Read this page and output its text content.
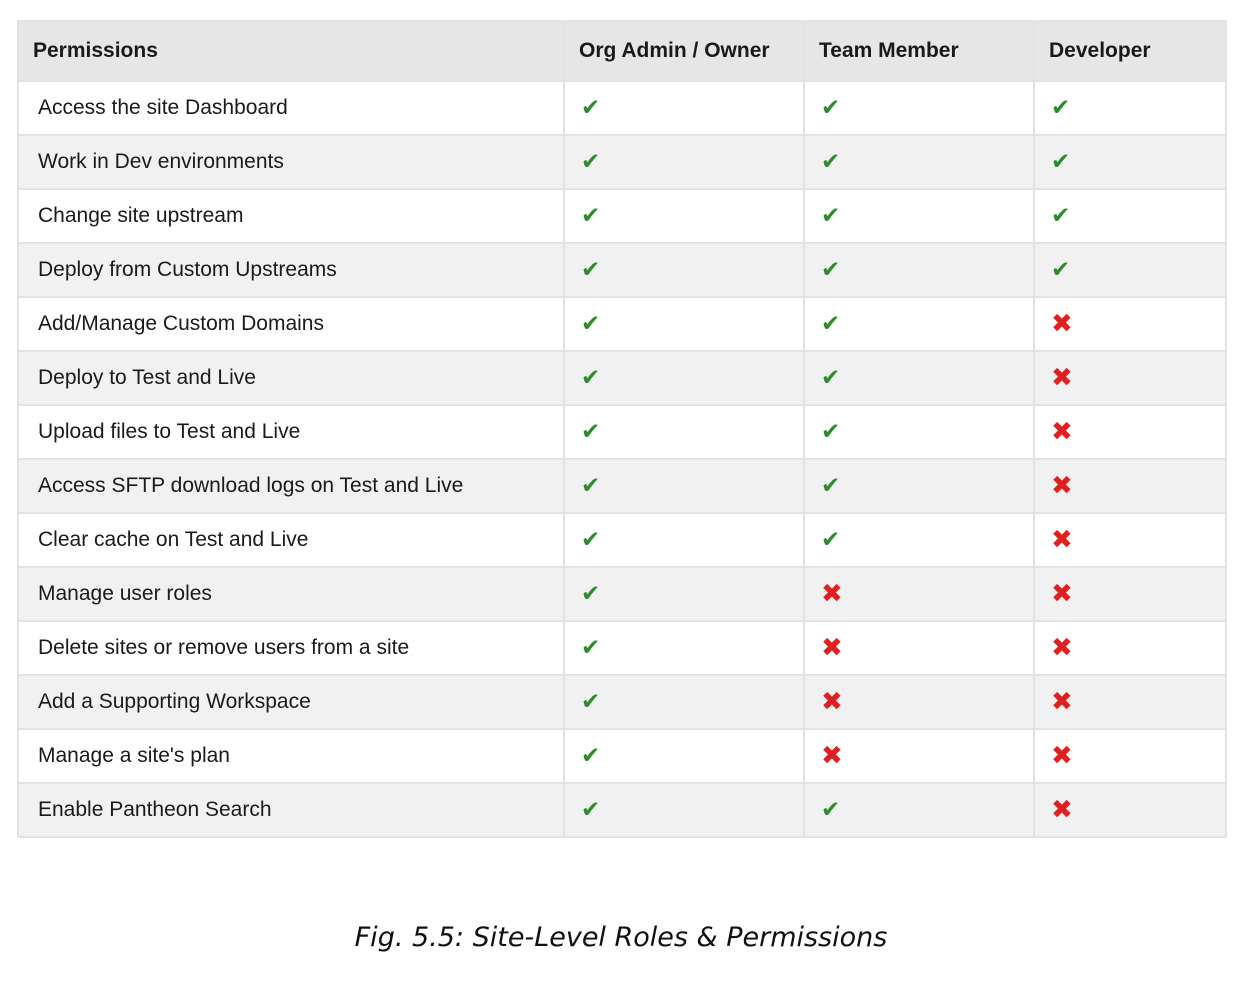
Permissions	Org Admin / Owner	Team Member	Developer
Access the site Dashboard	✔	✔	✔
Work in Dev environments	✔	✔	✔
Change site upstream	✔	✔	✔
Deploy from Custom Upstreams	✔	✔	✔
Add/Manage Custom Domains	✔	✔	✖
Deploy to Test and Live	✔	✔	✖
Upload files to Test and Live	✔	✔	✖
Access SFTP download logs on Test and Live	✔	✔	✖
Clear cache on Test and Live	✔	✔	✖
Manage user roles	✔	✖	✖
Delete sites or remove users from a site	✔	✖	✖
Add a Supporting Workspace	✔	✖	✖
Manage a site's plan	✔	✖	✖
Enable Pantheon Search	✔	✔	✖
Fig. 5.5: Site-Level Roles & Permissions
